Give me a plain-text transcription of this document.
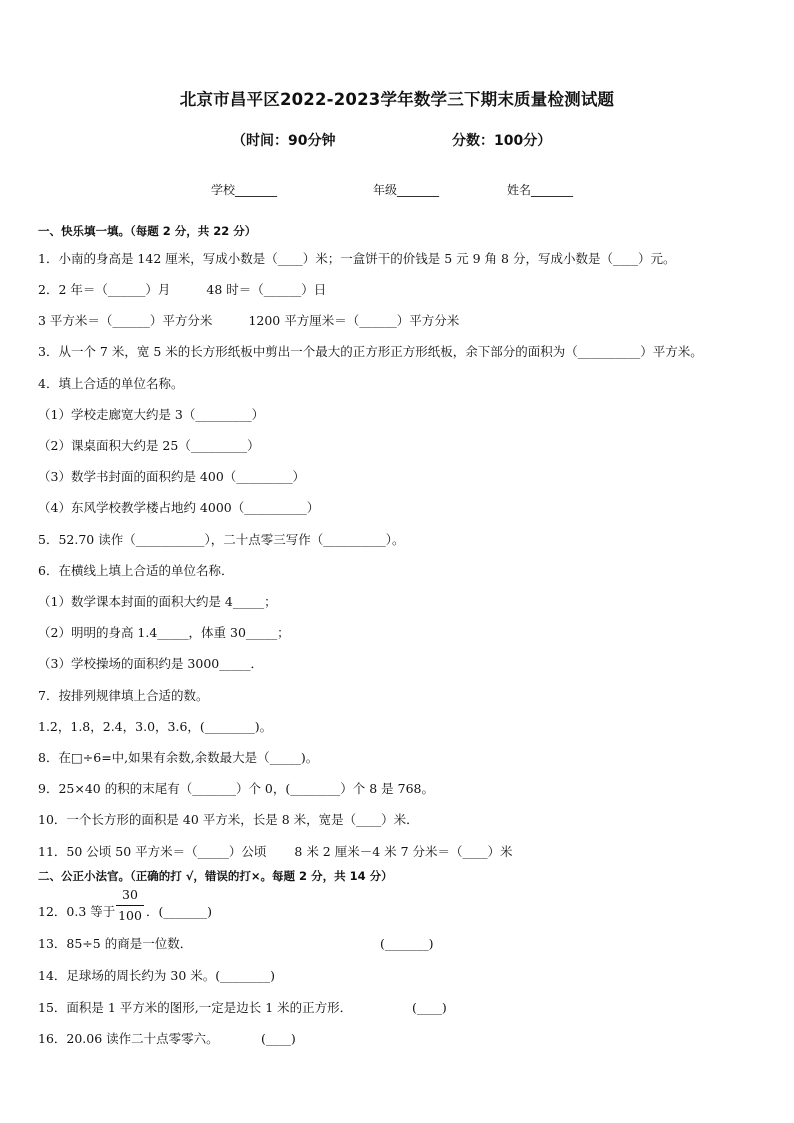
北京市昌平区2022-2023学年数学三下期末质量检测试题
（时间：90分钟	分数：100分）
学校_______	年级_______	姓名_______
一、快乐填一填。（每题 2 分，共 22 分）
1．小南的身高是 142 厘米，写成小数是（____）米；一盒饼干的价钱是 5 元 9 角 8 分，写成小数是（____）元。
2．2 年＝（______）月	48 时＝（______）日
3 平方米＝（______）平方分米	1200 平方厘米＝（______）平方分米
3．从一个 7 米，宽 5 米的长方形纸板中剪出一个最大的正方形正方形纸板，余下部分的面积为（__________）平方米。
4．填上合适的单位名称。
（1）学校走廊宽大约是 3（_________）
（2）课桌面积大约是 25（_________）
（3）数学书封面的面积约是 400（_________）
（4）东风学校教学楼占地约 4000（__________）
5．52.70 读作（___________），二十点零三写作（__________）。
6．在横线上填上合适的单位名称．
（1）数学课本封面的面积大约是 4_____；
（2）明明的身高 1.4_____，体重 30_____；
（3）学校操场的面积约是 3000_____．
7．按排列规律填上合适的数。
1.2，1.8，2.4，3.0，3.6，(________)。
8．在□÷6=中,如果有余数,余数最大是（_____)。
9．25×40 的积的末尾有（_______）个 0，(________）个 8 是 768。
10．一个长方形的面积是 40 平方米，长是 8 米，宽是（____）米．
11．50 公顷 50 平方米＝（_____）公顷 8 米 2 厘米－4 米 7 分米＝（____）米
二、公正小法官。（正确的打 √，错误的打×。每题 2 分，共 14 分）
12．0.3 等于
30
100 ．(_______)
13．85÷5 的商是一位数．	(_______)
14．足球场的周长约为 30 米。(________)
15．面积是 1 平方米的图形,一定是边长 1 米的正方形．	(____)
16．20.06 读作二十点零零六。	(____)
